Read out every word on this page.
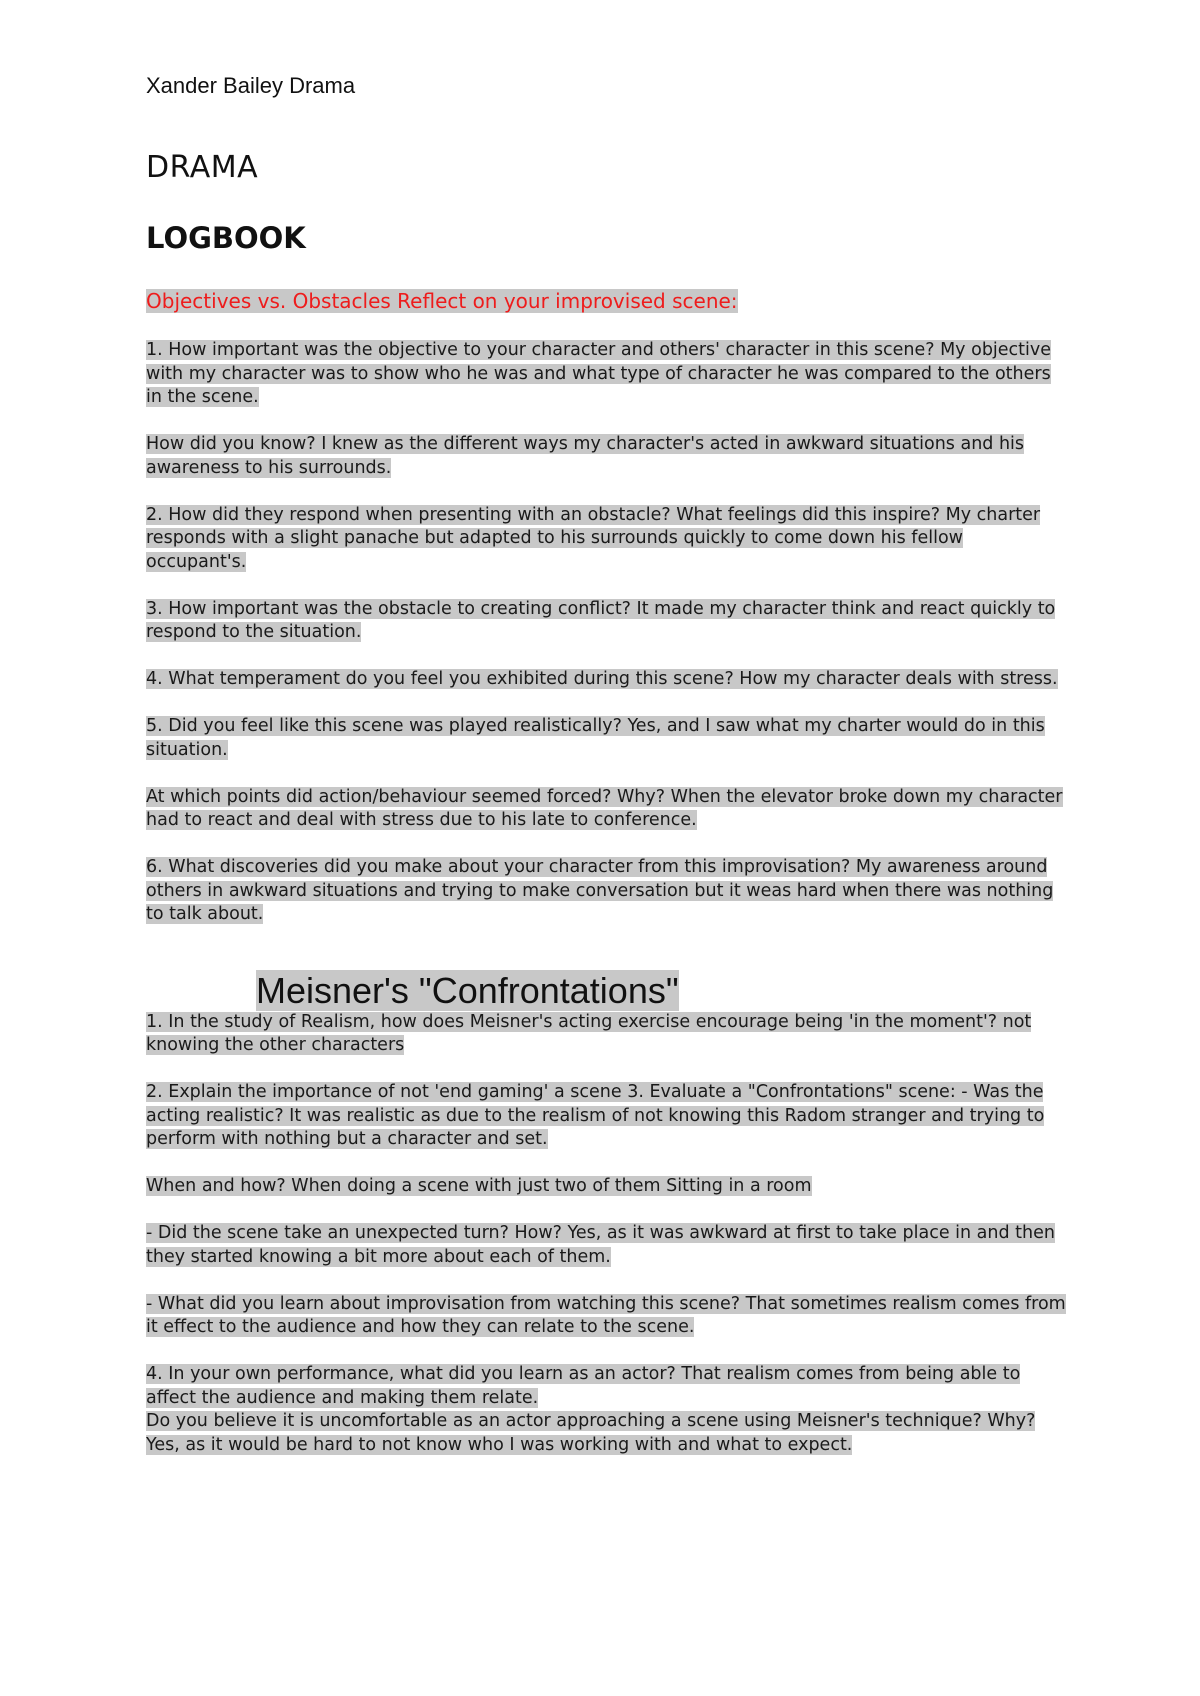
Xander Bailey Drama

DRAMA
LOGBOOK

Objectives vs. Obstacles Reflect on your improvised scene:

1. How important was the objective to your character and others' character in this scene? My objective with my character was to show who he was and what type of character he was compared to the others in the scene.

How did you know? I knew as the different ways my character's acted in awkward situations and his awareness to his surrounds.

2. How did they respond when presenting with an obstacle? What feelings did this inspire? My charter responds with a slight panache but adapted to his surrounds quickly to come down his fellow occupant's.

3. How important was the obstacle to creating conflict? It made my character think and react quickly to respond to the situation.

4. What temperament do you feel you exhibited during this scene? How my character deals with stress.

5. Did you feel like this scene was played realistically? Yes, and I saw what my charter would do in this situation.

At which points did action/behaviour seemed forced? Why? When the elevator broke down my character had to react and deal with stress due to his late to conference.

6. What discoveries did you make about your character from this improvisation? My awareness around others in awkward situations and trying to make conversation but it weas hard when there was nothing to talk about.

Meisner's "Confrontations"

1. In the study of Realism, how does Meisner's acting exercise encourage being 'in the moment'? not knowing the other characters

2. Explain the importance of not 'end gaming' a scene 3. Evaluate a "Confrontations" scene: - Was the acting realistic? It was realistic as due to the realism of not knowing this Radom stranger and trying to perform with nothing but a character and set.

When and how? When doing a scene with just two of them Sitting in a room

- Did the scene take an unexpected turn? How? Yes, as it was awkward at first to take place in and then they started knowing a bit more about each of them.

- What did you learn about improvisation from watching this scene? That sometimes realism comes from it effect to the audience and how they can relate to the scene.

4. In your own performance, what did you learn as an actor? That realism comes from being able to affect the audience and making them relate.

Do you believe it is uncomfortable as an actor approaching a scene using Meisner's technique? Why? Yes, as it would be hard to not know who I was working with and what to expect.
